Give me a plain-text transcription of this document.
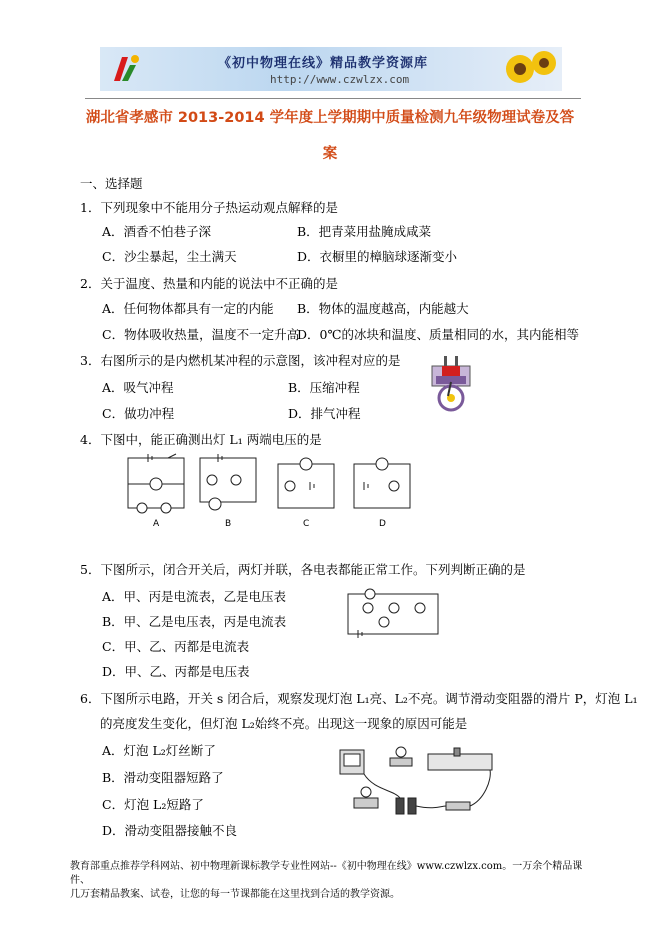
《初中物理在线》精品教学资源库
http://www.czwlzx.com
湖北省孝感市 2013-2014 学年度上学期期中质量检测九年级物理试卷及答
案
一、选择题
1．下列现象中不能用分子热运动观点解释的是
A．酒香不怕巷子深	B．把青菜用盐腌成咸菜
C．沙尘暴起，尘土满天	D．衣橱里的樟脑球逐渐变小
2．关于温度、热量和内能的说法中不正确的是
A．任何物体都具有一定的内能 B．物体的温度越高，内能越大
C．物体吸收热量，温度不一定升高
D．0℃的冰块和温度、质量相同的水，其内能相等
3．右图所示的是内燃机某冲程的示意图，该冲程对应的是
A．吸气冲程	B．压缩冲程
C．做功冲程	D．排气冲程
4．下图中，能正确测出灯 L₁ 两端电压的是
A	B	C	D
5．下图所示，闭合开关后，两灯并联，各电表都能正常工作。下列判断正确的是
A．甲、丙是电流表，乙是电压表
B．甲、乙是电压表，丙是电流表
C．甲、乙、丙都是电流表
D．甲、乙、丙都是电压表
6．下图所示电路，开关 s 闭合后，观察发现灯泡 L₁亮、L₂不亮。调节滑动变阻器的滑片 P，灯泡 L₁
的亮度发生变化，但灯泡 L₂始终不亮。出现这一现象的原因可能是
A．灯泡 L₂灯丝断了
B．滑动变阻器短路了
C．灯泡 L₂短路了
D．滑动变阻器接触不良
教育部重点推荐学科网站、初中物理新课标教学专业性网站--《初中物理在线》www.czwlzx.com。一万余个精品课件、
几万套精品教案、试卷，让您的每一节课都能在这里找到合适的教学资源。
